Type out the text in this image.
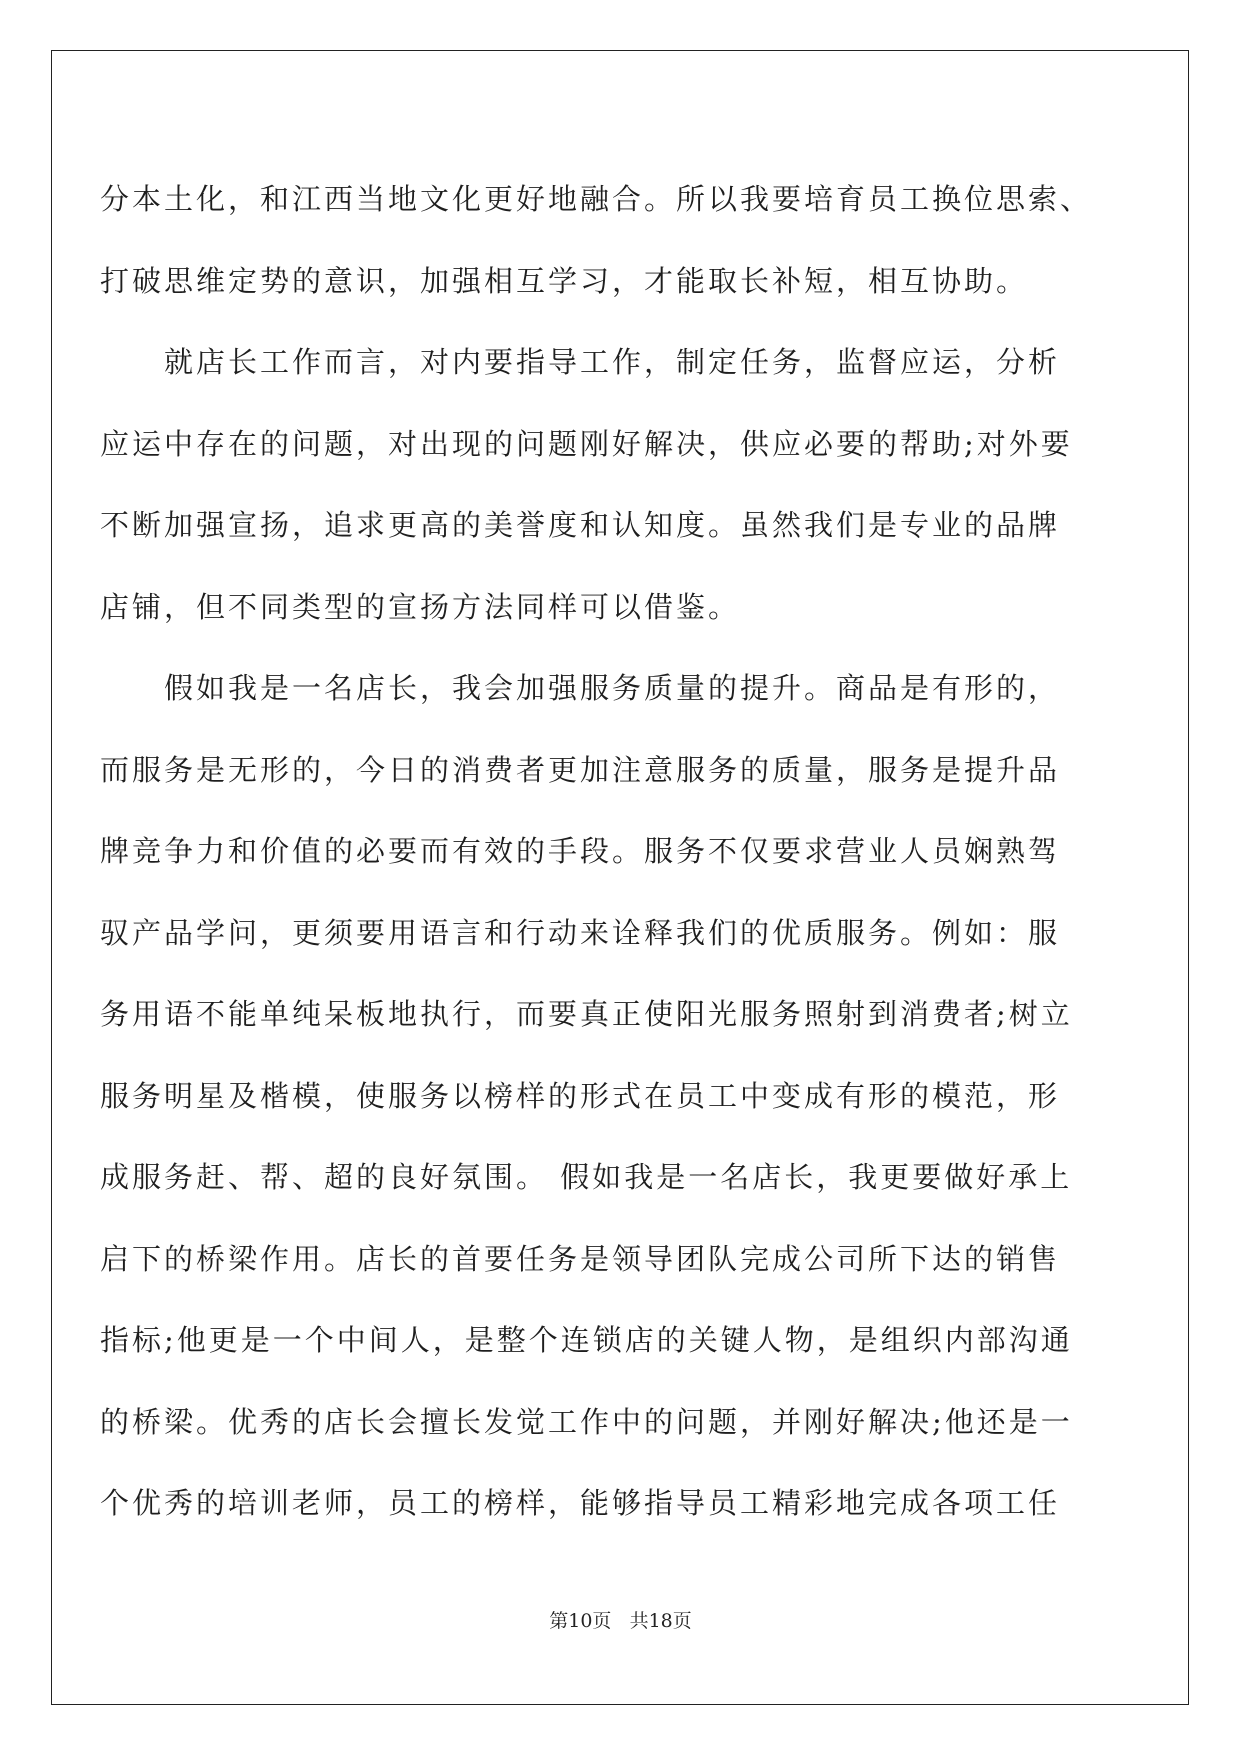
分本土化，和江西当地文化更好地融合。所以我要培育员工换位思索、
打破思维定势的意识，加强相互学习，才能取长补短，相互协助。
　　就店长工作而言，对内要指导工作，制定任务，监督应运，分析
应运中存在的问题，对出现的问题刚好解决，供应必要的帮助;对外要
不断加强宣扬，追求更高的美誉度和认知度。虽然我们是专业的品牌
店铺，但不同类型的宣扬方法同样可以借鉴。
　　假如我是一名店长，我会加强服务质量的提升。商品是有形的，
而服务是无形的，今日的消费者更加注意服务的质量，服务是提升品
牌竞争力和价值的必要而有效的手段。服务不仅要求营业人员娴熟驾
驭产品学问，更须要用语言和行动来诠释我们的优质服务。例如：服
务用语不能单纯呆板地执行，而要真正使阳光服务照射到消费者;树立
服务明星及楷模，使服务以榜样的形式在员工中变成有形的模范，形
成服务赶、帮、超的良好氛围。 假如我是一名店长，我更要做好承上
启下的桥梁作用。店长的首要任务是领导团队完成公司所下达的销售
指标;他更是一个中间人，是整个连锁店的关键人物，是组织内部沟通
的桥梁。优秀的店长会擅长发觉工作中的问题，并刚好解决;他还是一
个优秀的培训老师，员工的榜样，能够指导员工精彩地完成各项工任
第10页 共18页
